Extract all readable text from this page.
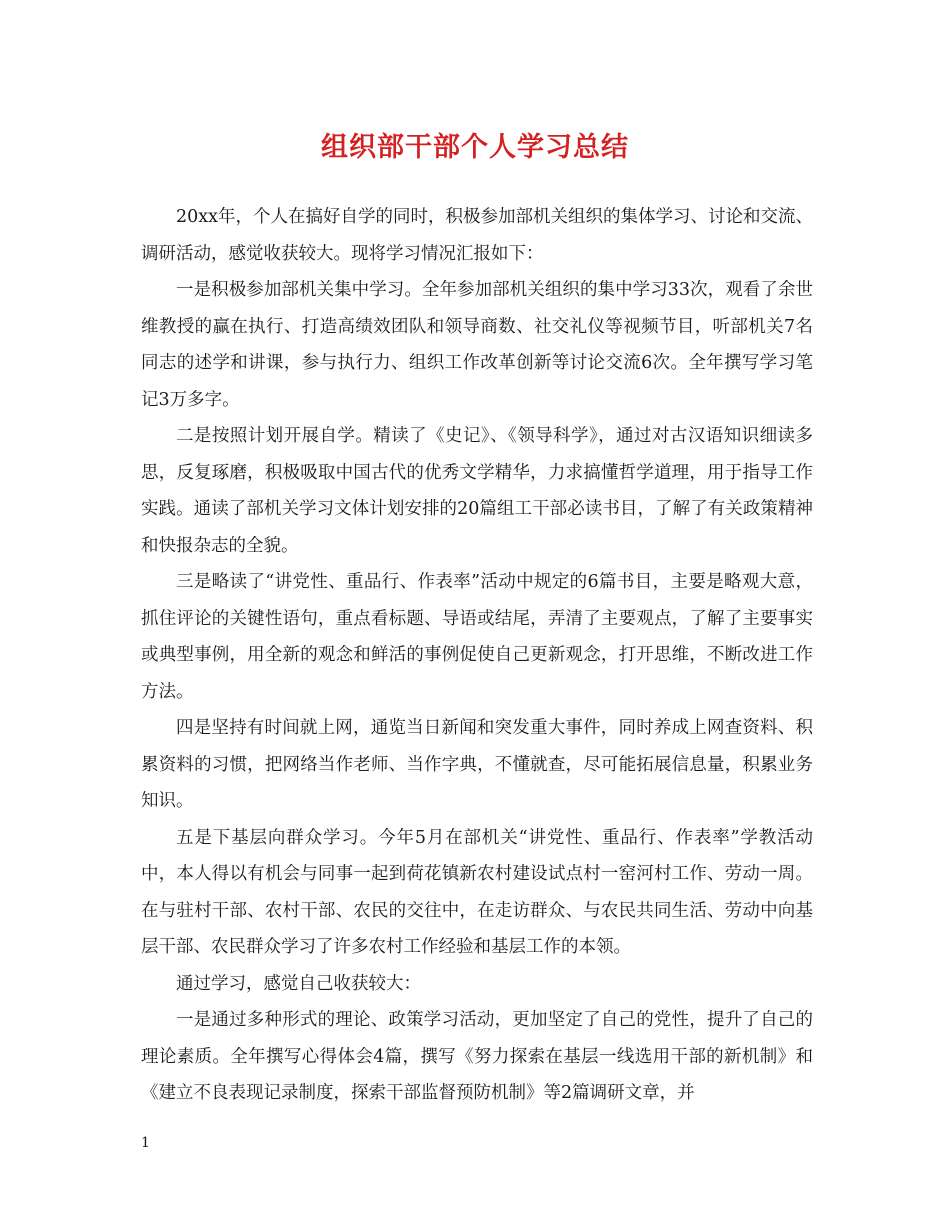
组织部干部个人学习总结

20xx年，个人在搞好自学的同时，积极参加部机关组织的集体学习、讨论和交流、调研活动，感觉收获较大。现将学习情况汇报如下：

一是积极参加部机关集中学习。全年参加部机关组织的集中学习33次，观看了余世维教授的赢在执行、打造高绩效团队和领导商数、社交礼仪等视频节目，听部机关7名同志的述学和讲课，参与执行力、组织工作改革创新等讨论交流6次。全年撰写学习笔记3万多字。

二是按照计划开展自学。精读了《史记》、《领导科学》，通过对古汉语知识细读多思，反复琢磨，积极吸取中国古代的优秀文学精华，力求搞懂哲学道理，用于指导工作实践。通读了部机关学习文体计划安排的20篇组工干部必读书目，了解了有关政策精神和快报杂志的全貌。

三是略读了“讲党性、重品行、作表率”活动中规定的6篇书目，主要是略观大意，抓住评论的关键性语句，重点看标题、导语或结尾，弄清了主要观点，了解了主要事实或典型事例，用全新的观念和鲜活的事例促使自己更新观念，打开思维，不断改进工作方法。

四是坚持有时间就上网，通览当日新闻和突发重大事件，同时养成上网查资料、积累资料的习惯，把网络当作老师、当作字典，不懂就查，尽可能拓展信息量，积累业务知识。

五是下基层向群众学习。今年5月在部机关“讲党性、重品行、作表率”学教活动中，本人得以有机会与同事一起到荷花镇新农村建设试点村一窑河村工作、劳动一周。在与驻村干部、农村干部、农民的交往中，在走访群众、与农民共同生活、劳动中向基层干部、农民群众学习了许多农村工作经验和基层工作的本领。

通过学习，感觉自己收获较大：

一是通过多种形式的理论、政策学习活动，更加坚定了自己的党性，提升了自己的理论素质。全年撰写心得体会4篇，撰写《努力探索在基层一线选用干部的新机制》和《建立不良表现记录制度，探索干部监督预防机制》等2篇调研文章，并

1
